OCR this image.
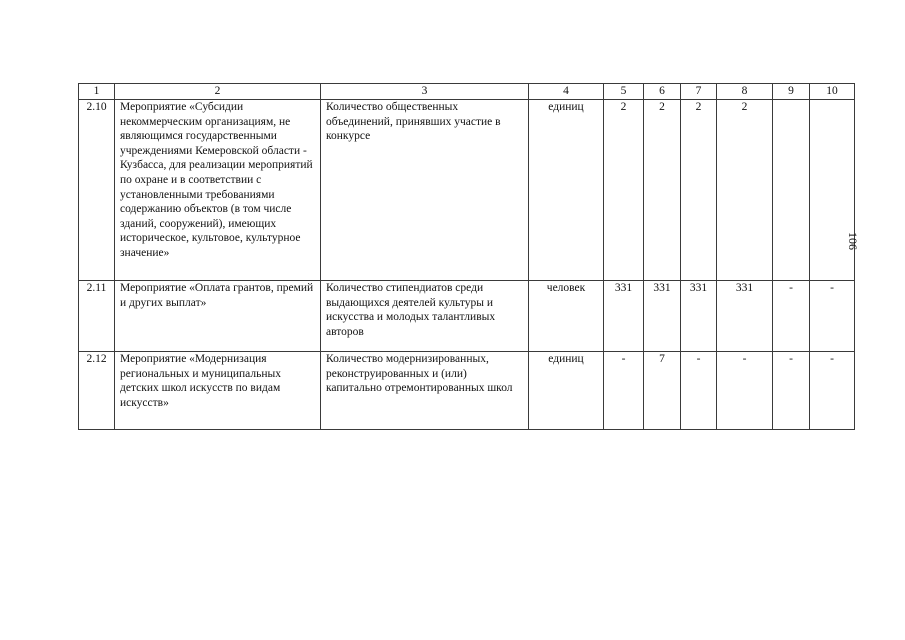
1	2	3	4	5	6	7	8	9	10
2.10	Мероприятие «Субсидии некоммерческим организациям, не являющимся государственными учреждениями Кемеровской области - Кузбасса, для реализации мероприятий по охране и в соответствии с установленными требованиями содержанию объектов (в том числе зданий, сооружений), имеющих историческое, культовое, культурное значение»	Количество общественных объединений, принявших участие в конкурсе	единиц	2	2	2	2		
2.11	Мероприятие «Оплата грантов, премий и других выплат»	Количество стипендиатов среди выдающихся деятелей культуры и искусства и молодых талантливых авторов	человек	331	331	331	331	-	-
2.12	Мероприятие «Модернизация региональных и муниципальных детских школ искусств по видам искусств»	Количество модернизированных, реконструированных и (или) капитально отремонтированных школ	единиц	-	7	-	-	-	-
106
